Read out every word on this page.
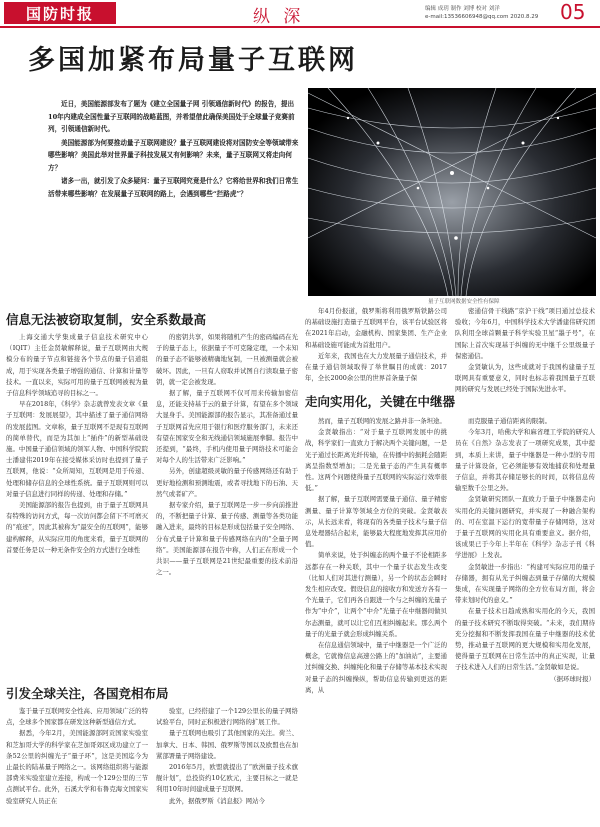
国防时报	纵 深	编辑 成玥 制作 刘博 校对 刘洋
e-mail:13536606948@qq.com 2020.8.29 05
多国加紧布局量子互联网

近日，美国能源部发布了题为《建立全国量子网 引领通信新时代》的报告，提出10年内建成全国性量子互联网的战略蓝图，并希望借此确保美国处于全球量子竞赛前列，引领通信新时代。

美国能源部为何要推动量子互联网建设？量子互联网建设将对国防安全等领域带来哪些影响？美国此举对世界量子科技发展又有何影响？未来，量子互联网又将走向何方？

诸多一出，就引发了众多疑问：量子互联网究竟是什么？它将给世界和我们日常生活带来哪些影响？在发展量子互联网的路上，会遇到哪些“拦路虎”？

量子互联网数据安全性有保障
信息无法被窃取复制，安全系数最高

上海交通大学集成量子信息技术研究中心（IQIT）主任金贤敏解释说，量子互联网由大规模分布的量子节点和链接各个节点的量子信道组成，用于实现各类量子增强的通信、计算和计量等技术。一直以来，实际可用的量子互联网被视为量子信息科学领域追寻的目标之一。

早在2018年，《科学》杂志就曾发表文章《量子互联网：发展展望》，其中描述了量子通信网络的发展蓝图。文章称，量子互联网不是现有互联网的简单替代，而是为其加上“插件”的新型基础设施。中国量子通信领域的领军人物、中国科学院院士潘建伟2019年在接受媒体采访时也提到了量子互联网，他说：“众所周知，互联网是用于传递、处理和储存信息的全球性系统。量子互联网则可以对量子信息进行同样的传递、处理和存储。”

美国能源部的报告也提到，由于量子互联网具有特殊的访问方式，每一次访问都会留下不可磨灭的“痕迹”，因此其被称为“最安全的互联网”，能够建构解释，从实际应用的角度来看，量子互联网的首要任务是以一种无条件安全的方式进行全球性

的密钥共享，如果将随机产生的密码编码在光子的量子态上，依据量子不可克隆定理，一个未知的量子态不能够被精确地复制，一旦被测量就会被破坏。因此，一旦有人窃取并试图自行读取量子密钥，就一定会被发现。

据了解，量子互联网不仅可用来传输加密信息，还能支持基于云的量子计算，有望在多个领域大显身手。美国能源部的报告显示，其准备通过量子互联网首先应用于银行和医疗服务部门，未来还有望在国家安全和无线通信领域施展拳脚。报告中还提到，“最终，手机内使用量子网络技术可能会对每个人的生活带来广泛影响。”

另外，创建超级灵敏的量子传感网络还有助于更好地检测和预测地震，或者寻找地下的石油、天然气或者矿产。

据专家介绍，量子互联网是一步一步向前推进的，不断把量子计算、量子传感、测量等各类功能融入进来，最终的目标是形成包括量子安全网络、分布式量子计算和量子传感网络在内的“全量子网络”。美国能源部在报告中称，人们正在形成一个共识——量子互联网是21世纪最重要的技术前沿之一。

年4月份报道，俄罗斯将利用俄罗斯铁路公司的基础设施打造量子互联网平台，该平台试验区将在2021年启动，金融机构、国家集团、生产企业和基础设施可能成为首批用户。

近年来，我国也在大力发展量子通信技术，并在量子通信领域取得了举世瞩目的成就：2017年，全长2000余公里的世界首条量子保

密通信骨干线路“京沪干线”项目通过总技术验收；今年6月，中国科学技术大学潘建伟研究团队利用全球首颗量子科学实验卫星“墨子号”，在国际上首次实现基于纠缠的无中继千公里级量子保密通信。

金贤敏认为，这些成就对于我国构建量子互联网具有重要意义，同时也标志着我国量子互联网的研究与发展已经处于国际先进水平。

走向实用化，关键在中继器

然而，量子互联网的发展之路并非一条坦途。

金贤敏指出：“对于量子互联网发展中的挑战，科学家们一直致力于解决两个关键问题，一是光子通过长距离光纤传输，在传播中的损耗会随距离呈指数型增加；二是光量子态的产生具有概率性。这两个问题使得量子互联网的实际运行效率很低。”

据了解，量子互联网需要量子通信、量子精密测量、量子计算等领域全方位的突破。金贤敏表示，从长远来看，将现有的各类量子技术与量子信息处理器结合起来，能够最大程度地发挥其应用价值。

简单来说，处于纠缠态的两个量子不论相距多远都存在一种关联，其中一个量子状态发生改变（比如人们对其进行测量），另一个的状态会瞬时发生相应改变。假设信息的接收方和发送方各有一个光量子，它们再各自跟进一个与之纠缠的光量子作为“中介”，让两个“中介”光量子在中继器间做贝尔态测量，就可以让它们互相纠缠起来。那么两个量子的光量子就会形成纠缠关系。

在信息通信领域中，量子中继器是一个广泛的概念，它就像信息高速公路上的“加油站”，主要通过纠缠交换、纠缠纯化和量子存储等基本技术实现对量子态的纠缠操纵，帮助信息传输到更远的距离，从

而克服量子通信距离的限制。

今年3月，哈佛大学和麻省理工学院的研究人员在《自然》杂志发表了一项研究成果，其中提到，本质上来讲，量子中继器是一种小型的专用量子计算设备，它必须能够有效地捕获和处理量子信息，并将其存储足够长的时间，以将信息传输至数千公里之外。

金贤敏研究团队一直致力于量子中继器走向实用化的关键问题研究，并实现了一种融合架构的、可在室温下运行的宽带量子存储网络，这对于量子互联网的实用化具有重要意义。据介绍，该成果已于今年上半年在《科学》杂志子刊《科学进展》上发表。

金贤敏进一步指出：“构建可实际应用的量子存储器，拥有从光子纠缠态到量子存储的大规模集成，在实现量子网络的全方位布局方面，将会带来划时代的意义。”

在量子技术日趋成熟和实用化的今天，我国的量子技术研究不断取得突破。“未来，我们期待充分挖掘和不断发挥我国在量子中继器的技术优势，推动量子互联网的更大规模和实用化发展，使得量子互联网在日常生活中的真正实现，让量子技术进入人们的日常生活。”金贤敏如是说。

（据环球时报）

引发全球关注，各国竞相布局

鉴于量子互联网安全性高、应用领域广泛的特点，全球多个国家都在研发这种新型通信方式。

据悉，今年2月，美国能源部阿贡国家实验室和芝加哥大学的科学家在芝加哥郊区成功建立了一条52公里的纠缠光子“量子环”，这是美国迄今为止最长的陆基量子网络之一。该网络组织将与能源部费米实验室建立连接，构成一个129公里的三节点测试平台。此外，石溪大学和布鲁克海文国家实验室研究人员正在

验室，已经搭建了一个129公里长的量子网络试验平台，同时正积极进行网络的扩展工作。

量子互联网也吸引了其他国家的关注。荷兰、加拿大、日本、韩国、俄罗斯等国以及欧盟也在加紧部署量子网络建设。

2016年5月，欧盟就提出了“欧洲量子技术旗舰计划”，总投资约10亿欧元，主要目标之一就是利用10年时间建成量子互联网。

此外，据俄罗斯《消息报》网站今
